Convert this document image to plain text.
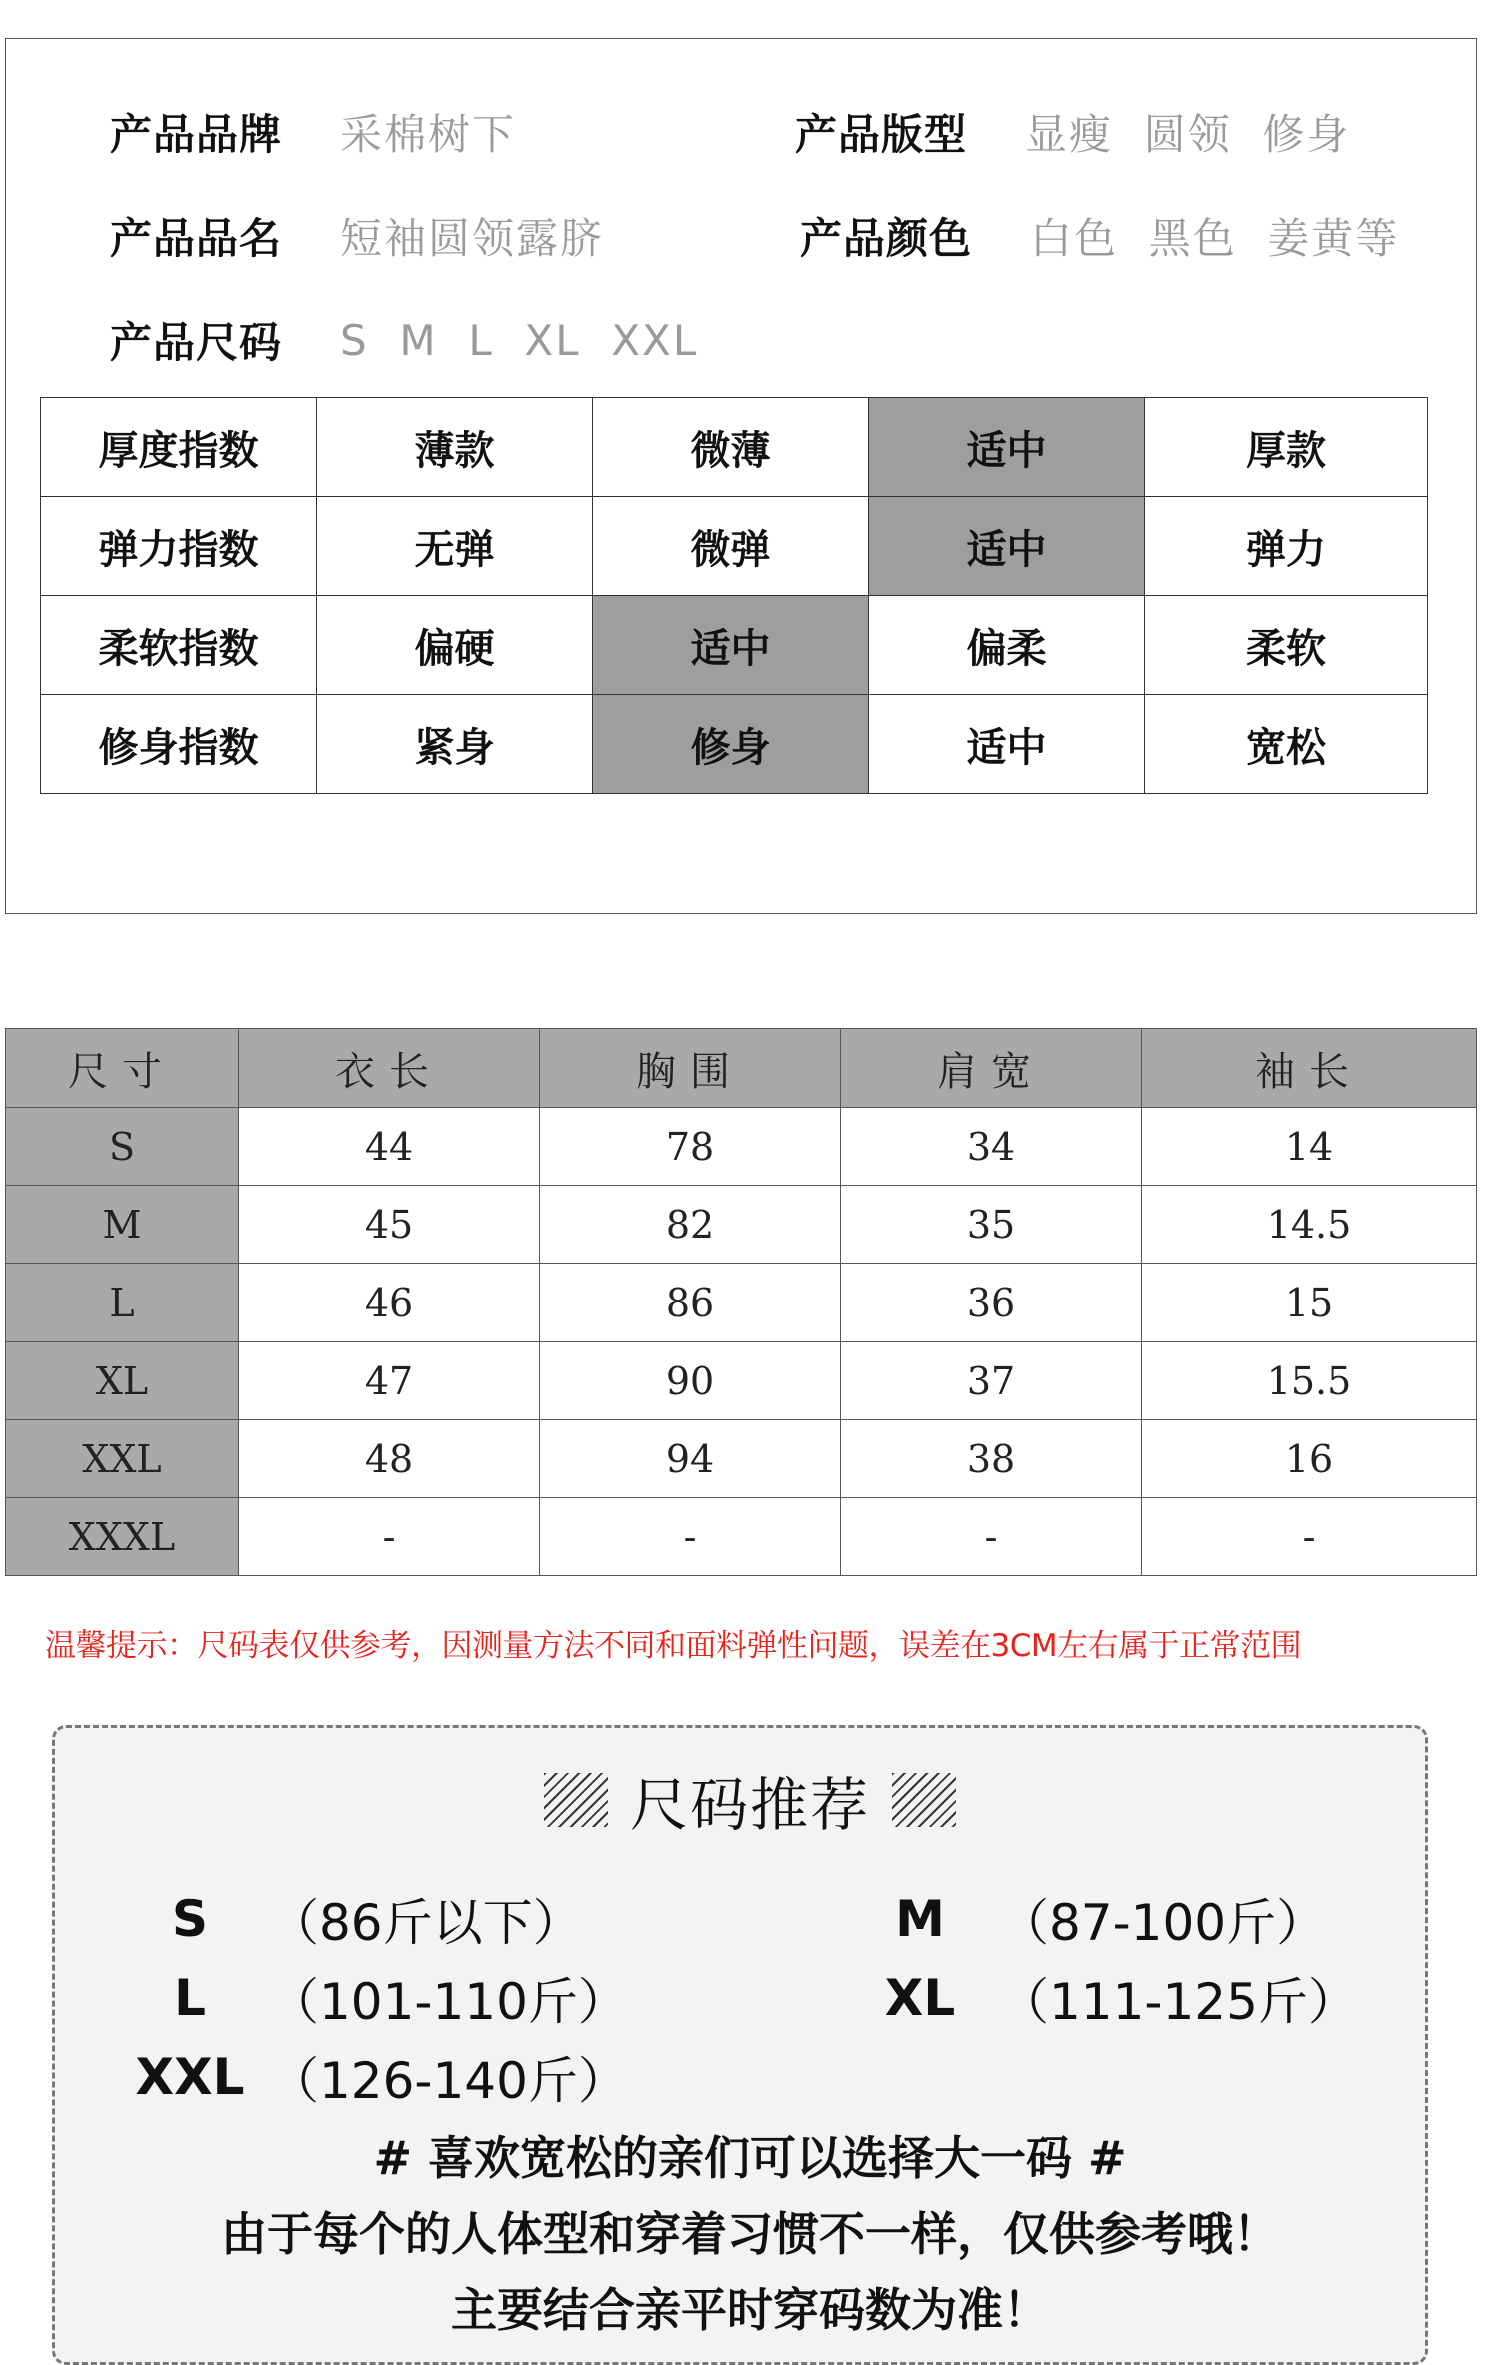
产品品牌 采棉树下	产品版型 显瘦  圆领  修身
产品品名 短袖圆领露脐	产品颜色 白色  黑色  姜黄等
产品尺码 S  M  L  XL  XXL
厚度指数	薄款	微薄	适中	厚款
弹力指数	无弹	微弹	适中	弹力
柔软指数	偏硬	适中	偏柔	柔软
修身指数	紧身	修身	适中	宽松
尺寸	衣长	胸围	肩宽	袖长
S	44	78	34	14
M	45	82	35	14.5
L	46	86	36	15
XL	47	90	37	15.5
XXL	48	94	38	16
XXXL	-	-	-	-
温馨提示：尺码表仅供参考，因测量方法不同和面料弹性问题，误差在3CM左右属于正常范围
尺码推荐
S	（86斤以下）	M	（87-100斤）
L	（101-110斤）	XL （111-125斤）
XXL （126-140斤）
# 喜欢宽松的亲们可以选择大一码 #
由于每个的人体型和穿着习惯不一样，仅供参考哦！
主要结合亲平时穿码数为准！
